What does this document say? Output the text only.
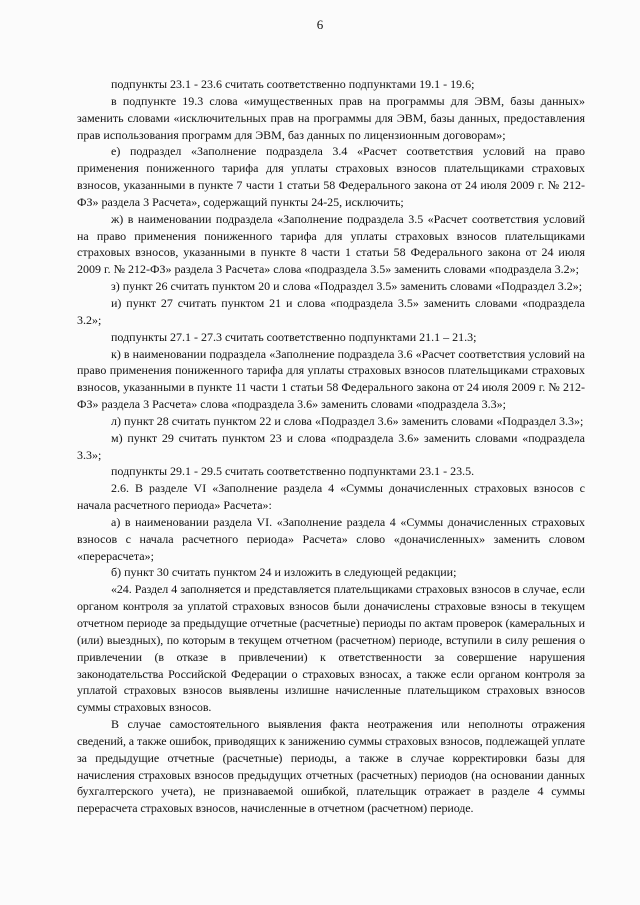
6

подпункты 23.1 - 23.6 считать соответственно подпунктами 19.1 - 19.6;

в подпункте 19.3 слова «имущественных прав на программы для ЭВМ, базы данных» заменить словами «исключительных прав на программы для ЭВМ, базы данных, предоставления прав использования программ для ЭВМ, баз данных по лицензионным договорам»;

е) подраздел «Заполнение подраздела 3.4 «Расчет соответствия условий на право применения пониженного тарифа для уплаты страховых взносов плательщиками страховых взносов, указанными в пункте 7 части 1 статьи 58 Федерального закона от 24 июля 2009 г. № 212-ФЗ» раздела 3 Расчета», содержащий пункты 24-25, исключить;

ж) в наименовании подраздела «Заполнение подраздела 3.5 «Расчет соответствия условий на право применения пониженного тарифа для уплаты страховых взносов плательщиками страховых взносов, указанными в пункте 8 части 1 статьи 58 Федерального закона от 24 июля 2009 г. № 212-ФЗ» раздела 3 Расчета» слова «подраздела 3.5» заменить словами «подраздела 3.2»;

з) пункт 26 считать пунктом 20 и слова «Подраздел 3.5» заменить словами «Подраздел 3.2»;

и) пункт 27 считать пунктом 21 и слова «подраздела 3.5» заменить словами «подраздела 3.2»;

подпункты 27.1 - 27.3 считать соответственно подпунктами 21.1 – 21.3;

к) в наименовании подраздела «Заполнение подраздела 3.6 «Расчет соответствия условий на право применения пониженного тарифа для уплаты страховых взносов плательщиками страховых взносов, указанными в пункте 11 части 1 статьи 58 Федерального закона от 24 июля 2009 г. № 212-ФЗ» раздела 3 Расчета» слова «подраздела 3.6» заменить словами «подраздела 3.3»;

л) пункт 28 считать пунктом 22 и слова «Подраздел 3.6» заменить словами «Подраздел 3.3»;

м) пункт 29 считать пунктом 23 и слова «подраздела 3.6» заменить словами «подраздела 3.3»;

подпункты 29.1 - 29.5 считать соответственно подпунктами 23.1 - 23.5.

2.6. В разделе VI «Заполнение раздела 4 «Суммы доначисленных страховых взносов с начала расчетного периода» Расчета»:

а) в наименовании раздела VI. «Заполнение раздела 4 «Суммы доначисленных страховых взносов с начала расчетного периода» Расчета» слово «доначисленных» заменить словом «перерасчета»;

б) пункт 30 считать пунктом 24 и изложить в следующей редакции;

«24. Раздел 4 заполняется и представляется плательщиками страховых взносов в случае, если органом контроля за уплатой страховых взносов были доначислены страховые взносы в текущем отчетном периоде за предыдущие отчетные (расчетные) периоды по актам проверок (камеральных и (или) выездных), по которым в текущем отчетном (расчетном) периоде, вступили в силу решения о привлечении (в отказе в привлечении) к ответственности за совершение нарушения законодательства Российской Федерации о страховых взносах, а также если органом контроля за уплатой страховых взносов выявлены излишне начисленные плательщиком страховых взносов суммы страховых взносов.

В случае самостоятельного выявления факта неотражения или неполноты отражения сведений, а также ошибок, приводящих к занижению суммы страховых взносов, подлежащей уплате за предыдущие отчетные (расчетные) периоды, а также в случае корректировки базы для начисления страховых взносов предыдущих отчетных (расчетных) периодов (на основании данных бухгалтерского учета), не признаваемой ошибкой, плательщик отражает в разделе 4 суммы перерасчета страховых взносов, начисленные в отчетном (расчетном) периоде.
